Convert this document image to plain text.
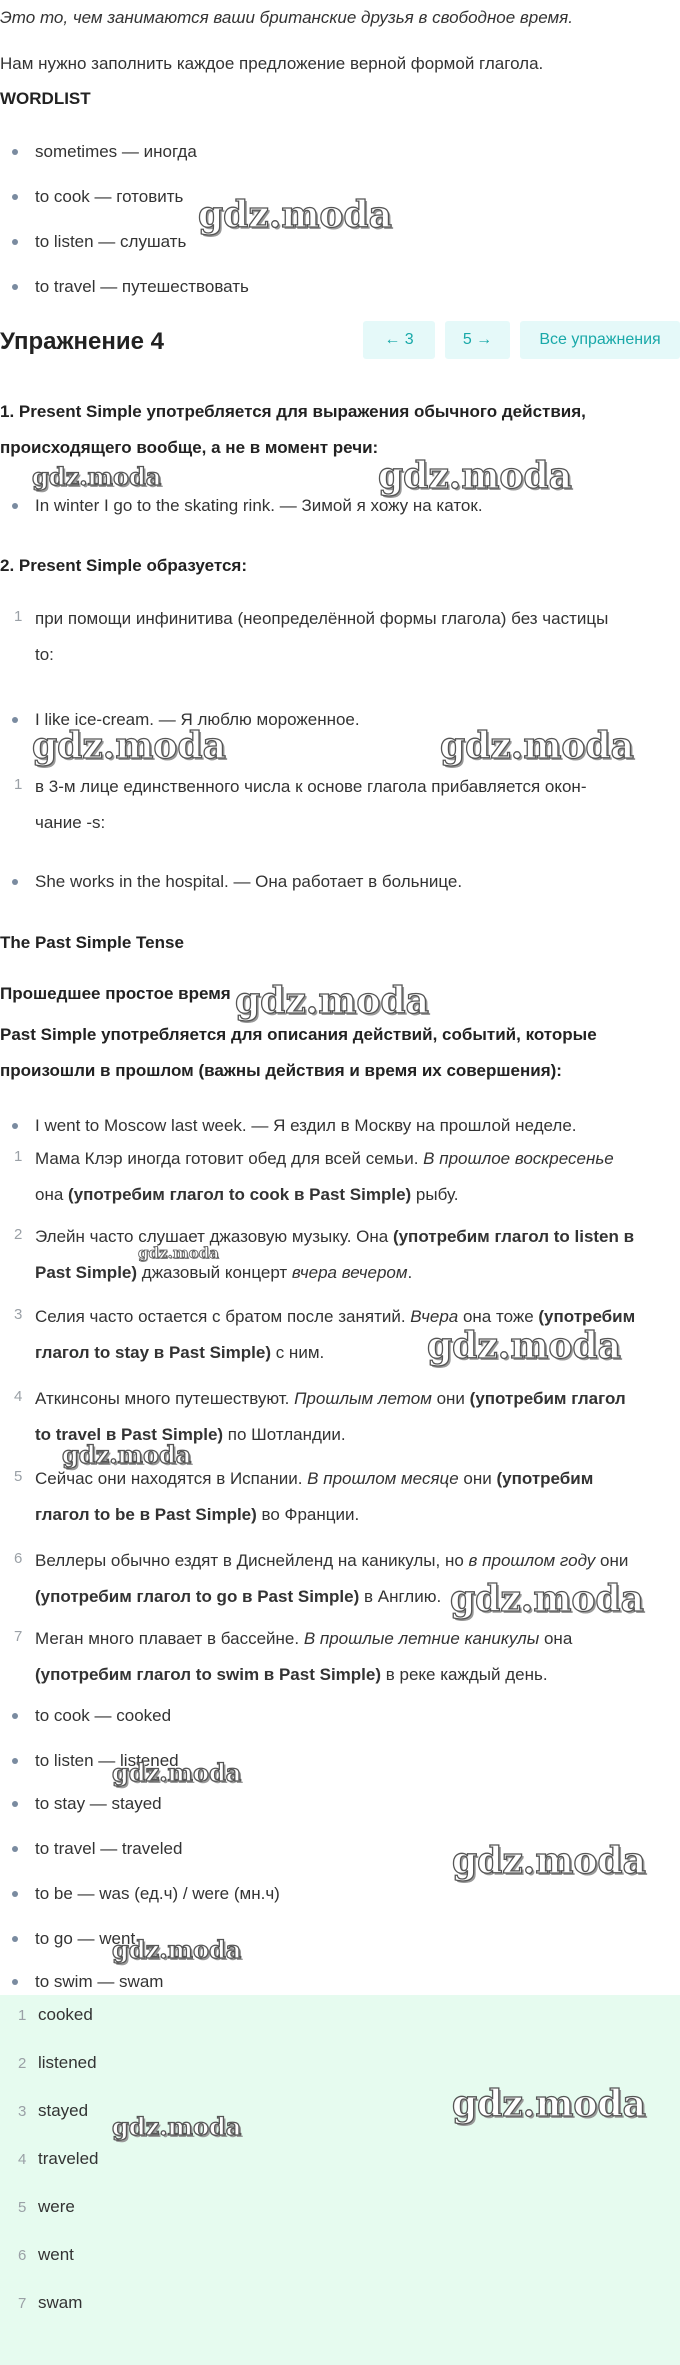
Это то, чем занимаются ваши британские друзья в свободное время.

Нам нужно заполнить каждое предложение верной формой глагола.

WORDLIST

sometimes — иногда

to cook — готовить

to listen — слушать

to travel — путешествовать

Упражнение 4	← 3	5 →	Все упражнения

1. Present Simple употребляется для выражения обычного действия,

происходящего вообще, а не в момент речи:

In winter I go to the skating rink. — Зимой я хожу на каток.

2. Present Simple образуется:

1 при помощи инфинитива (неопределённой формы глагола) без частицы

to:

I like ice-cream. — Я люблю мороженное.

1 в 3-м лице единственного числа к основе глагола прибавляется окон-

чание -s:

She works in the hospital. — Она работает в больнице.

The Past Simple Tense

Прошедшее простое время

Past Simple употребляется для описания действий, событий, которые

произошли в прошлом (важны действия и время их совершения):

I went to Moscow last week. — Я ездил в Москву на прошлой неделе.

1 Мама Клэр иногда готовит обед для всей семьи. В прошлое воскресенье

она (употребим глагол to cook в Past Simple) рыбу.

2 Элейн часто слушает джазовую музыку. Она (употребим глагол to listen в

Past Simple) джазовый концерт вчера вечером.

3 Селия часто остается с братом после занятий. Вчера она тоже (употребим

глагол to stay в Past Simple) с ним.

4 Аткинсоны много путешествуют. Прошлым летом они (употребим глагол

to travel в Past Simple) по Шотландии.

5 Сейчас они находятся в Испании. В прошлом месяце они (употребим

глагол to be в Past Simple) во Франции.

6 Веллеры обычно ездят в Диснейленд на каникулы, но в прошлом году они

(употребим глагол to go в Past Simple) в Англию.

7 Меган много плавает в бассейне. В прошлые летние каникулы она

(употребим глагол to swim в Past Simple) в реке каждый день.

to cook — cooked

to listen — listened

to stay — stayed

to travel — traveled

to be — was (ед.ч) / were (мн.ч)

to go — went

to swim — swam

1 cooked
2 listened
3 stayed
4 traveled
5 were
6 went
7 swam
gdz.moda
gdz.moda	gdz.moda
gdz.moda	gdz.moda
gdz.moda
gdz.moda
gdz.moda
gdz.moda
gdz.moda
gdz.moda
gdz.moda
gdz.moda
gdz.moda
gdz.moda
